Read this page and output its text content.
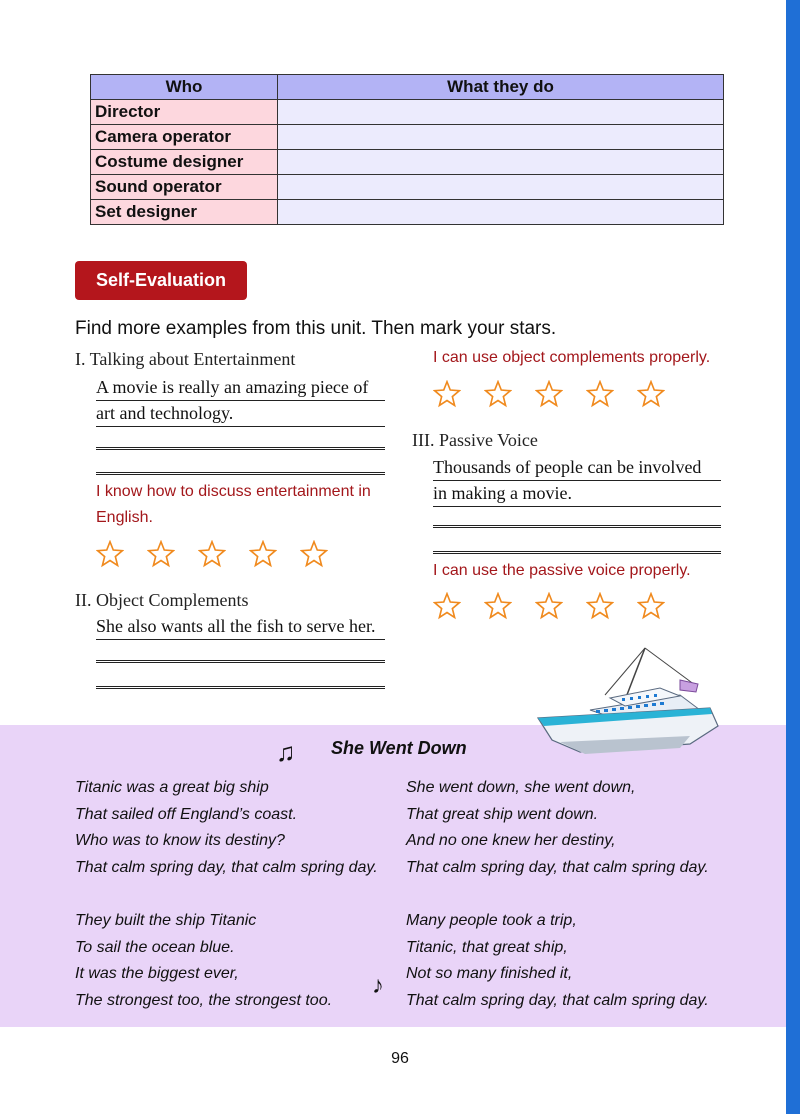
Who	What they do
Director	
Camera operator	
Costume designer	
Sound operator	
Set designer	
Self-Evaluation
Find more examples from this unit. Then mark your stars.
I. Talking about Entertainment
A movie is really an amazing piece of
art and technology.
I know how to discuss entertainment in
English.
II. Object Complements
She also wants all the fish to serve her.
I can use object complements properly.
III. Passive Voice
Thousands of people can be involved
in making a movie.
I can use the passive voice properly.
♫ She Went Down
♪
Titanic was a great big ship
That sailed off England’s coast.
Who was to know its destiny?
That calm spring day, that calm spring day.

They built the ship Titanic
To sail the ocean blue.
It was the biggest ever,
The strongest too, the strongest too.
She went down, she went down,
That great ship went down.
And no one knew her destiny,
That calm spring day, that calm spring day.

Many people took a trip,
Titanic, that great ship,
Not so many finished it,
That calm spring day, that calm spring day.
96
